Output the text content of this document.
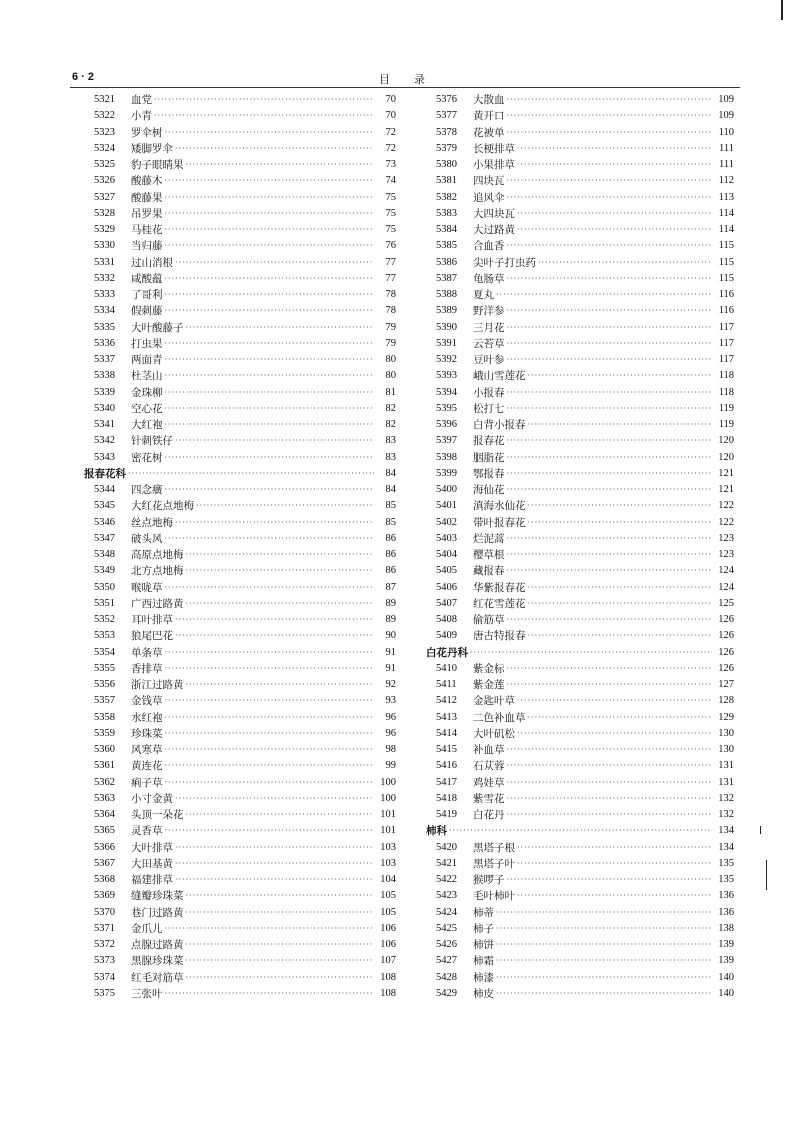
6 · 2	目 录
5321	血党 ·····	70
5322	小青 ·····	70
5323	罗伞树 ·····	72
5324	矮脚罗伞 ·····	72
5325	豹子眼睛果 ·····	73
5326	酸藤木 ·····	74
5327	酸藤果 ·····	75
5328	吊罗果 ·····	75
5329	马桂花 ·····	75
5330	当归藤 ·····	76
5331	过山消根 ·····	77
5332	咸酸蕴 ·····	77
5333	了哥利 ·····	78
5334	假刺藤 ·····	78
5335	大叶酸藤子 ·····	79
5336	打虫果 ·····	79
5337	两面青 ·····	80
5338	杜茎山 ·····	80
5339	金珠柳 ·····	81
5340	空心花 ·····	82
5341	大红袍 ·····	82
5342	针刺铁仔 ·····	83
5343	密花树 ·····	83
报春花科 ·····	84
5344	四念癀 ·····	84
5345	大红花点地梅 ·····	85
5346	丝点地梅 ·····	85
5347	破头风 ·····	86
5348	高原点地梅 ·····	86
5349	北方点地梅 ·····	86
5350	喉咙草 ·····	87
5351	广西过路黄 ·····	89
5352	耳叶排草 ·····	89
5353	狼尾巴花 ·····	90
5354	单条草 ·····	91
5355	香排草 ·····	91
5356	浙江过路黄 ·····	92
5357	金钱草 ·····	93
5358	水红袍 ·····	96
5359	珍珠菜 ·····	96
5360	风寒草 ·····	98
5361	黄连花 ·····	99
5362	痢子草 ·····	100
5363	小寸金黄 ·····	100
5364	头顶一朵花 ·····	101
5365	灵香草 ·····	101
5366	大叶排草 ·····	103
5367	大田基黄 ·····	103
5368	福建排草 ·····	104
5369	缝瓣珍珠菜 ·····	105
5370	巷门过路黄 ·····	105
5371	金爪儿 ·····	106
5372	点腺过路黄 ·····	106
5373	黑腺珍珠菜 ·····	107
5374	红毛对筋草 ·····	108
5375	三张叶 ·····	108
5376	大散血 ·····	109
5377	黄开口 ·····	109
5378	花被单 ·····	110
5379	长梗排草 ·····	111
5380	小果排草 ·····	111
5381	四块瓦 ·····	112
5382	追风伞 ·····	113
5383	大四块瓦 ·····	114
5384	大过路黄 ·····	114
5385	合血香 ·····	115
5386	尖叶子打虫药 ·····	115
5387	龟肠草 ·····	115
5388	夏丸 ·····	116
5389	野洋参 ·····	116
5390	三月花 ·····	117
5391	云苔草 ·····	117
5392	豆叶参 ·····	117
5393	峨山雪莲花 ·····	118
5394	小报春 ·····	118
5395	松打七 ·····	119
5396	白背小报春 ·····	119
5397	报春花 ·····	120
5398	胭脂花 ·····	120
5399	鄂报春 ·····	121
5400	海仙花 ·····	121
5401	滇海水仙花 ·····	122
5402	带叶报春花 ·····	122
5403	烂泥蒿 ·····	123
5404	樱草根 ·····	123
5405	藏报春 ·····	124
5406	华紫报春花 ·····	124
5407	红花雪莲花 ·····	125
5408	偷筋草 ·····	126
5409	唐古特报春 ·····	126
白花丹科 ·····	126
5410	紫金标 ·····	126
5411	紫金莲 ·····	127
5412	金匙叶草 ·····	128
5413	二色补血草 ·····	129
5414	大叶矶松 ·····	130
5415	补血草 ·····	130
5416	石苁蓉 ·····	131
5417	鸡娃草 ·····	131
5418	紫雪花 ·····	132
5419	白花丹 ·····	132
柿科 ·····	134
5420	黑塔子根 ·····	134
5421	黑塔子叶 ·····	135
5422	猴啰子 ·····	135
5423	毛叶柿叶 ·····	136
5424	柿蒂 ·····	136
5425	柿子 ·····	138
5426	柿饼 ·····	139
5427	柿霜 ·····	139
5428	柿漆 ·····	140
5429	柿皮 ·····	140
